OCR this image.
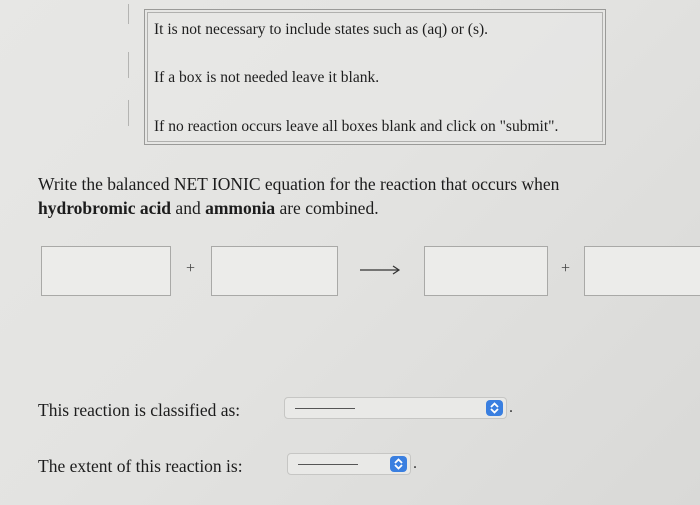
It is not necessary to include states such as (aq) or (s).
If a box is not needed leave it blank.
If no reaction occurs leave all boxes blank and click on "submit".
Write the balanced NET IONIC equation for the reaction that occurs when
hydrobromic acid and ammonia are combined.
+	+
This reaction is classified as:	.
The extent of this reaction is:	.
